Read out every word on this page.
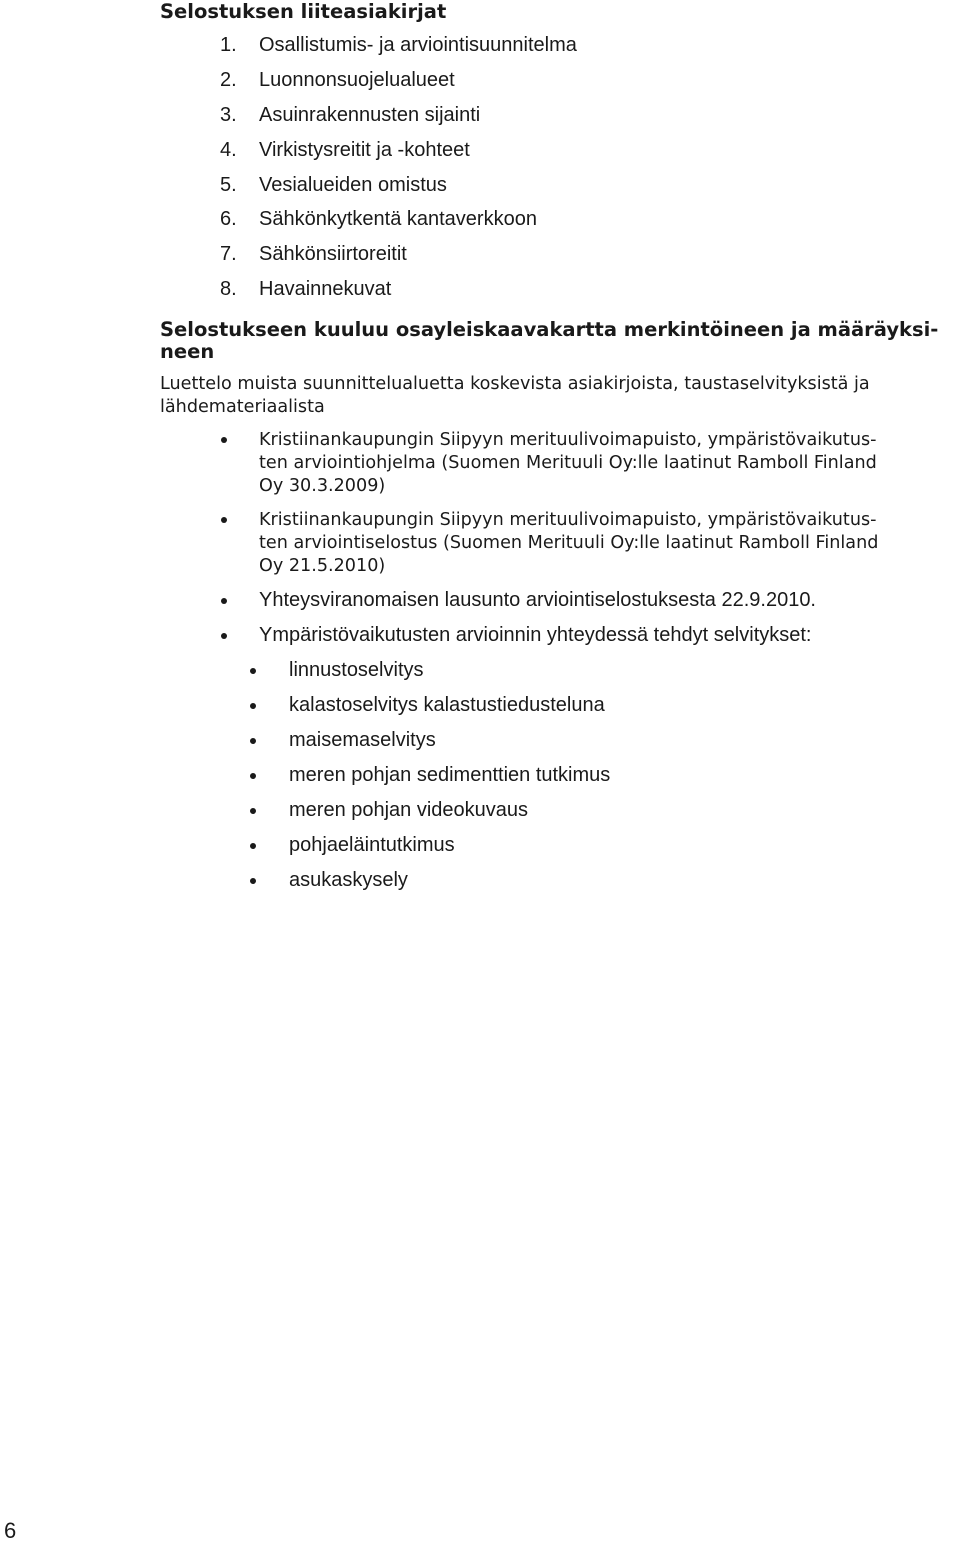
Selostuksen liiteasiakirjat
1. Osallistumis- ja arviointisuunnitelma
2. Luonnonsuojelualueet
3. Asuinrakennusten sijainti
4. Virkistysreitit ja -kohteet
5. Vesialueiden omistus
6. Sähkönkytkentä kantaverkkoon
7. Sähkönsiirtoreitit
8. Havainnekuvat
Selostukseen kuuluu osayleiskaavakartta merkintöineen ja määräyksi-
neen
Luettelo muista suunnittelualuetta koskevista asiakirjoista, taustaselvityksistä ja
lähdemateriaalista
Kristiinankaupungin Siipyyn merituulivoimapuisto, ympäristövaikutus-
ten arviointiohjelma (Suomen Merituuli Oy:lle laatinut Ramboll Finland
Oy 30.3.2009)
Kristiinankaupungin Siipyyn merituulivoimapuisto, ympäristövaikutus-
ten arviointiselostus (Suomen Merituuli Oy:lle laatinut Ramboll Finland
Oy 21.5.2010)
Yhteysviranomaisen lausunto arviointiselostuksesta 22.9.2010.
Ympäristövaikutusten arvioinnin yhteydessä tehdyt selvitykset:
linnustoselvitys
kalastoselvitys kalastustiedusteluna
maisemaselvitys
meren pohjan sedimenttien tutkimus
meren pohjan videokuvaus
pohjaeläintutkimus
asukaskysely
6
